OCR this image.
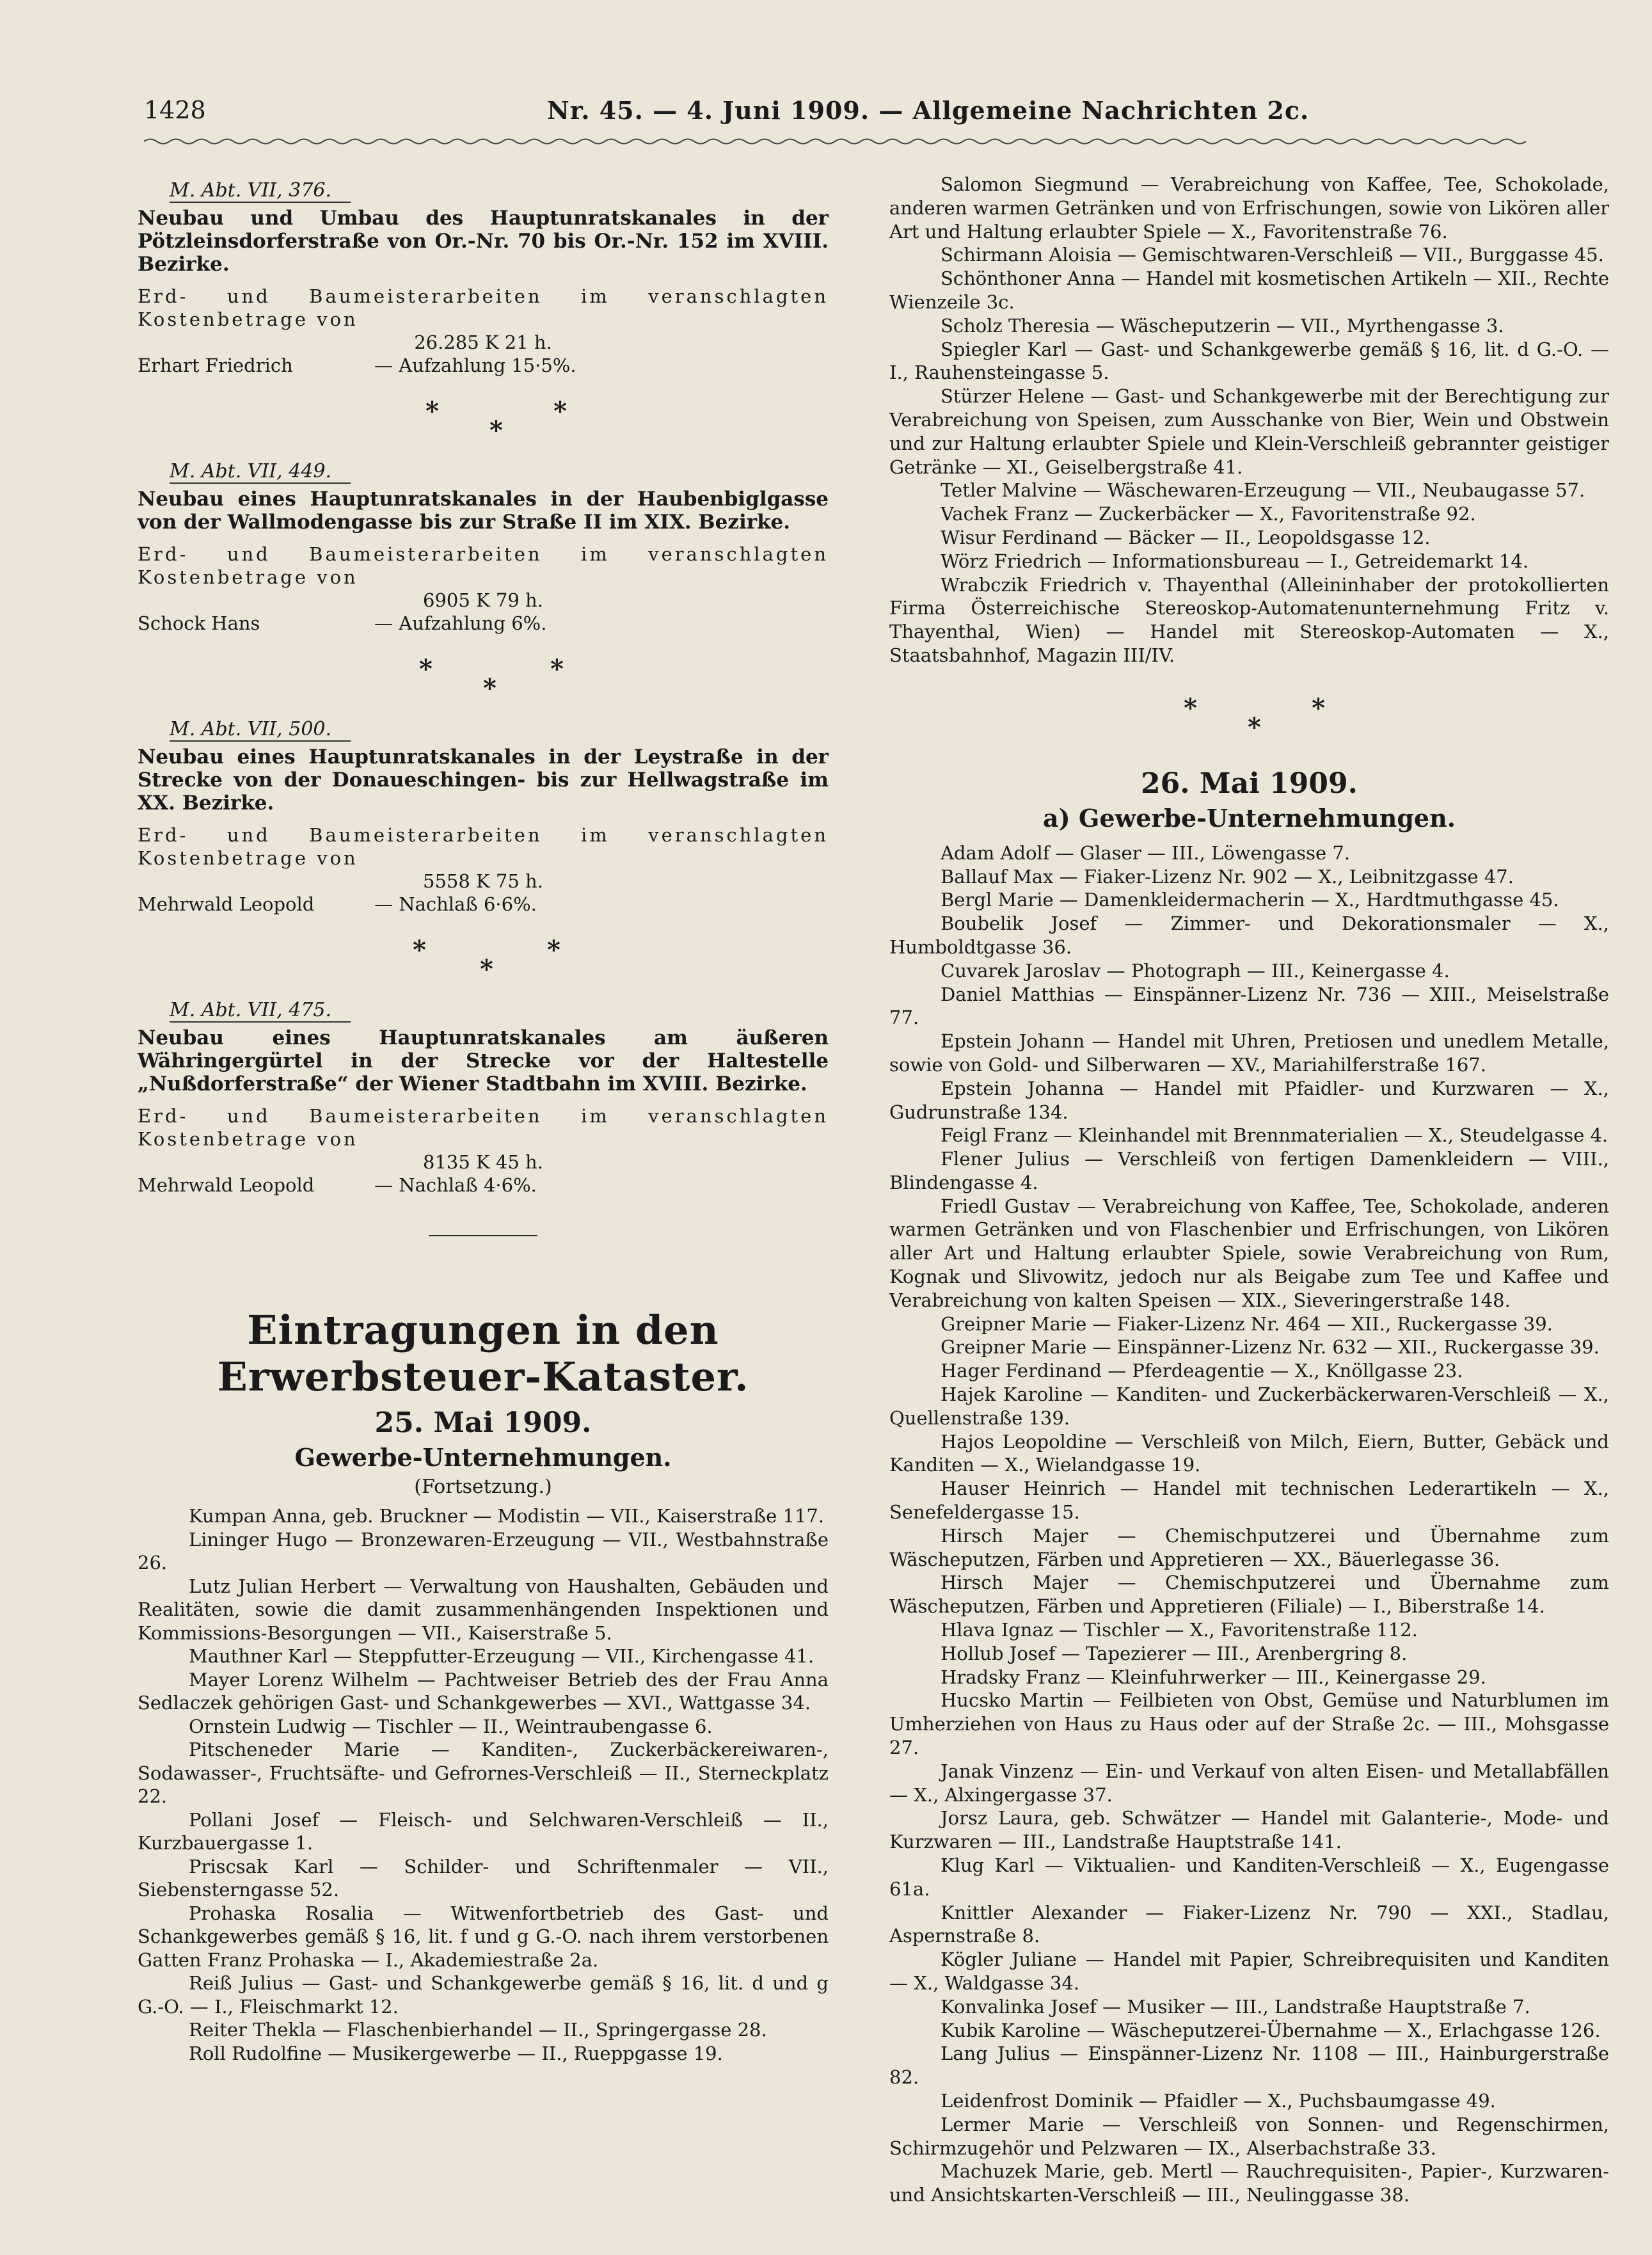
1428	Nr. 45. — 4. Juni 1909. — Allgemeine Nachrichten 2c.
M. Abt. VII, 376.
Neubau und Umbau des Hauptunratskanales in der Pötzleinsdorferstraße von Or.-Nr. 70 bis Or.-Nr. 152 im XVIII. Bezirke.
Erd- und Baumeisterarbeiten im veranschlagten Kostenbetrage von
26.285 K 21 h.
Erhart Friedrich	— Aufzahlung 15·5%.
*
*
*
M. Abt. VII, 449.
Neubau eines Hauptunratskanales in der Haubenbiglgasse von der Wallmodengasse bis zur Straße II im XIX. Bezirke.
Erd- und Baumeisterarbeiten im veranschlagten Kostenbetrage von
6905 K 79 h.
Schock Hans	— Aufzahlung 6%.
*
*
*
M. Abt. VII, 500.
Neubau eines Hauptunratskanales in der Leystraße in der Strecke von der Donaueschingen- bis zur Hellwagstraße im XX. Bezirke.
Erd- und Baumeisterarbeiten im veranschlagten Kostenbetrage von
5558 K 75 h.
Mehrwald Leopold	— Nachlaß 6·6%.
*
*
*
M. Abt. VII, 475.
Neubau eines Hauptunratskanales am äußeren Währingergürtel in der Strecke vor der Haltestelle „Nußdorferstraße“ der Wiener Stadtbahn im XVIII. Bezirke.
Erd- und Baumeisterarbeiten im veranschlagten Kostenbetrage von
8135 K 45 h.
Mehrwald Leopold	— Nachlaß 4·6%.
Eintragungen in den Erwerbsteuer-Kataster.
25. Mai 1909.
Gewerbe-Unternehmungen.
(Fortsetzung.)
Kumpan Anna, geb. Bruckner — Modistin — VII., Kaiserstraße 117.
Lininger Hugo — Bronzewaren-Erzeugung — VII., Westbahnstraße 26.
Lutz Julian Herbert — Verwaltung von Haushalten, Gebäuden und Realitäten, sowie die damit zusammenhängenden Inspektionen und Kommissions-Besorgungen — VII., Kaiserstraße 5.
Mauthner Karl — Steppfutter-Erzeugung — VII., Kirchengasse 41.
Mayer Lorenz Wilhelm — Pachtweiser Betrieb des der Frau Anna Sedlaczek gehörigen Gast- und Schankgewerbes — XVI., Wattgasse 34.
Ornstein Ludwig — Tischler — II., Weintraubengasse 6.
Pitscheneder Marie — Kanditen-, Zuckerbäckereiwaren-, Sodawasser-, Fruchtsäfte- und Gefrornes-Verschleiß — II., Sterneckplatz 22.
Pollani Josef — Fleisch- und Selchwaren-Verschleiß — II., Kurzbauergasse 1.
Priscsak Karl — Schilder- und Schriftenmaler — VII., Siebensterngasse 52.
Prohaska Rosalia — Witwenfortbetrieb des Gast- und Schankgewerbes gemäß § 16, lit. f und g G.-O. nach ihrem verstorbenen Gatten Franz Prohaska — I., Akademiestraße 2a.
Reiß Julius — Gast- und Schankgewerbe gemäß § 16, lit. d und g G.-O. — I., Fleischmarkt 12.
Reiter Thekla — Flaschenbierhandel — II., Springergasse 28.
Roll Rudolfine — Musikergewerbe — II., Rueppgasse 19.
Salomon Siegmund — Verabreichung von Kaffee, Tee, Schokolade, anderen warmen Getränken und von Erfrischungen, sowie von Likören aller Art und Haltung erlaubter Spiele — X., Favoritenstraße 76.
Schirmann Aloisia — Gemischtwaren-Verschleiß — VII., Burggasse 45.
Schönthoner Anna — Handel mit kosmetischen Artikeln — XII., Rechte Wienzeile 3c.
Scholz Theresia — Wäscheputzerin — VII., Myrthengasse 3.
Spiegler Karl — Gast- und Schankgewerbe gemäß § 16, lit. d G.-O. — I., Rauhensteingasse 5.
Stürzer Helene — Gast- und Schankgewerbe mit der Berechtigung zur Verabreichung von Speisen, zum Ausschanke von Bier, Wein und Obstwein und zur Haltung erlaubter Spiele und Klein-Verschleiß gebrannter geistiger Getränke — XI., Geiselbergstraße 41.
Tetler Malvine — Wäschewaren-Erzeugung — VII., Neubaugasse 57.
Vachek Franz — Zuckerbäcker — X., Favoritenstraße 92.
Wisur Ferdinand — Bäcker — II., Leopoldsgasse 12.
Wörz Friedrich — Informationsbureau — I., Getreidemarkt 14.
Wrabczik Friedrich v. Thayenthal (Alleininhaber der protokollierten Firma Österreichische Stereoskop-Automatenunternehmung Fritz v. Thayenthal, Wien) — Handel mit Stereoskop-Automaten — X., Staatsbahnhof, Magazin III/IV.
*
*
*
26. Mai 1909.
a) Gewerbe-Unternehmungen.
Adam Adolf — Glaser — III., Löwengasse 7.
Ballauf Max — Fiaker-Lizenz Nr. 902 — X., Leibnitzgasse 47.
Bergl Marie — Damenkleidermacherin — X., Hardtmuthgasse 45.
Boubelik Josef — Zimmer- und Dekorationsmaler — X., Humboldtgasse 36.
Cuvarek Jaroslav — Photograph — III., Keinergasse 4.
Daniel Matthias — Einspänner-Lizenz Nr. 736 — XIII., Meiselstraße 77.
Epstein Johann — Handel mit Uhren, Pretiosen und unedlem Metalle, sowie von Gold- und Silberwaren — XV., Mariahilferstraße 167.
Epstein Johanna — Handel mit Pfaidler- und Kurzwaren — X., Gudrunstraße 134.
Feigl Franz — Kleinhandel mit Brennmaterialien — X., Steudelgasse 4.
Flener Julius — Verschleiß von fertigen Damenkleidern — VIII., Blindengasse 4.
Friedl Gustav — Verabreichung von Kaffee, Tee, Schokolade, anderen warmen Getränken und von Flaschenbier und Erfrischungen, von Likören aller Art und Haltung erlaubter Spiele, sowie Verabreichung von Rum, Kognak und Slivowitz, jedoch nur als Beigabe zum Tee und Kaffee und Verabreichung von kalten Speisen — XIX., Sieveringerstraße 148.
Greipner Marie — Fiaker-Lizenz Nr. 464 — XII., Ruckergasse 39.
Greipner Marie — Einspänner-Lizenz Nr. 632 — XII., Ruckergasse 39.
Hager Ferdinand — Pferdeagentie — X., Knöllgasse 23.
Hajek Karoline — Kanditen- und Zuckerbäckerwaren-Verschleiß — X., Quellenstraße 139.
Hajos Leopoldine — Verschleiß von Milch, Eiern, Butter, Gebäck und Kanditen — X., Wielandgasse 19.
Hauser Heinrich — Handel mit technischen Lederartikeln — X., Senefeldergasse 15.
Hirsch Majer — Chemischputzerei und Übernahme zum Wäscheputzen, Färben und Appretieren — XX., Bäuerlegasse 36.
Hirsch Majer — Chemischputzerei und Übernahme zum Wäscheputzen, Färben und Appretieren (Filiale) — I., Biberstraße 14.
Hlava Ignaz — Tischler — X., Favoritenstraße 112.
Hollub Josef — Tapezierer — III., Arenbergring 8.
Hradsky Franz — Kleinfuhrwerker — III., Keinergasse 29.
Hucsko Martin — Feilbieten von Obst, Gemüse und Naturblumen im Umherziehen von Haus zu Haus oder auf der Straße 2c. — III., Mohsgasse 27.
Janak Vinzenz — Ein- und Verkauf von alten Eisen- und Metallabfällen — X., Alxingergasse 37.
Jorsz Laura, geb. Schwätzer — Handel mit Galanterie-, Mode- und Kurzwaren — III., Landstraße Hauptstraße 141.
Klug Karl — Viktualien- und Kanditen-Verschleiß — X., Eugengasse 61a.
Knittler Alexander — Fiaker-Lizenz Nr. 790 — XXI., Stadlau, Aspernstraße 8.
Kögler Juliane — Handel mit Papier, Schreibrequisiten und Kanditen — X., Waldgasse 34.
Konvalinka Josef — Musiker — III., Landstraße Hauptstraße 7.
Kubik Karoline — Wäscheputzerei-Übernahme — X., Erlachgasse 126.
Lang Julius — Einspänner-Lizenz Nr. 1108 — III., Hainburgerstraße 82.
Leidenfrost Dominik — Pfaidler — X., Puchsbaumgasse 49.
Lermer Marie — Verschleiß von Sonnen- und Regenschirmen, Schirmzugehör und Pelzwaren — IX., Alserbachstraße 33.
Machuzek Marie, geb. Mertl — Rauchrequisiten-, Papier-, Kurzwaren- und Ansichtskarten-Verschleiß — III., Neulinggasse 38.
